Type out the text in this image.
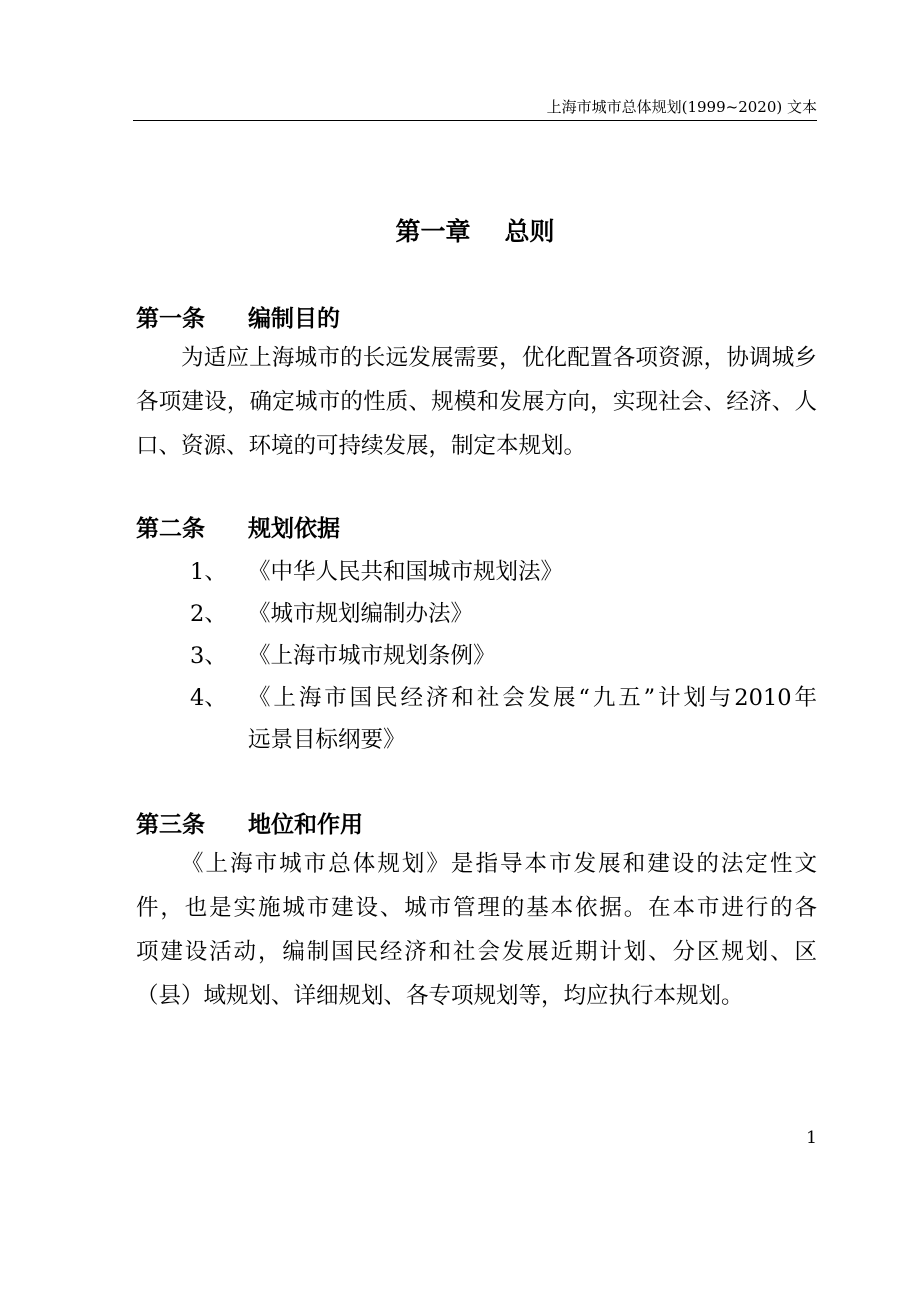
上海市城市总体规划(1999~2020) 文本
第一章 总则
第一条 编制目的
为适应上海城市的长远发展需要，优化配置各项资源，协调城乡
各项建设，确定城市的性质、规模和发展方向，实现社会、经济、人
口、资源、环境的可持续发展，制定本规划。
第二条 规划依据
1、 《中华人民共和国城市规划法》
2、 《城市规划编制办法》
3、 《上海市城市规划条例》
4、 《上海市国民经济和社会发展“九五”计划与2010年
远景目标纲要》
第三条 地位和作用
《上海市城市总体规划》是指导本市发展和建设的法定性文
件，也是实施城市建设、城市管理的基本依据。在本市进行的各
项建设活动，编制国民经济和社会发展近期计划、分区规划、区
（县）域规划、详细规划、各专项规划等，均应执行本规划。
1
